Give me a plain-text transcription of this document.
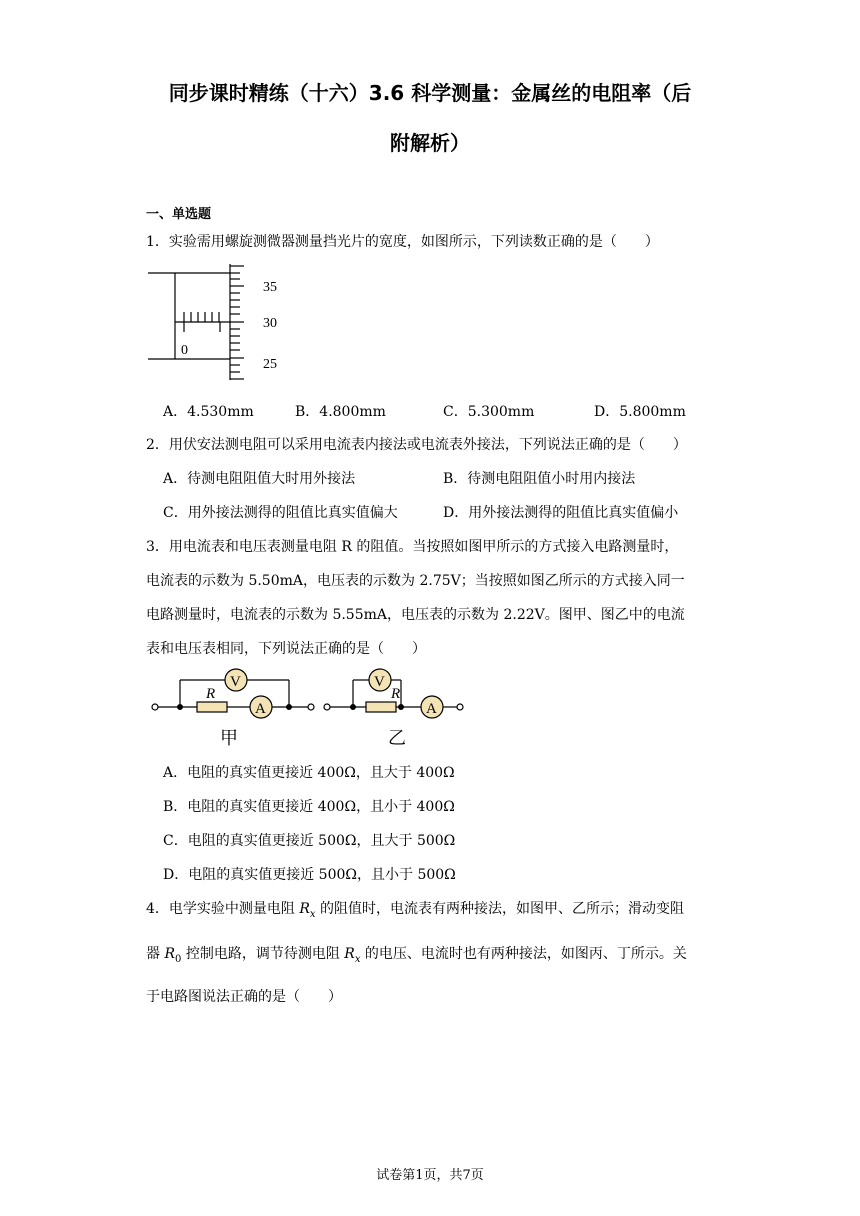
同步课时精练（十六）3.6 科学测量：金属丝的电阻率（后
附解析）
一、单选题
1．实验需用螺旋测微器测量挡光片的宽度，如图所示，下列读数正确的是（　　）
0
35
30
25
A．4.530mm	B．4.800mm	C．5.300mm	D．5.800mm
2．用伏安法测电阻可以采用电流表内接法或电流表外接法，下列说法正确的是（　　）
A．待测电阻阻值大时用外接法	B．待测电阻阻值小时用内接法
C．用外接法测得的阻值比真实值偏大	D．用外接法测得的阻值比真实值偏小
3．用电流表和电压表测量电阻 R 的阻值。当按照如图甲所示的方式接入电路测量时，
电流表的示数为 5.50mA，电压表的示数为 2.75V；当按照如图乙所示的方式接入同一
电路测量时，电流表的示数为 5.55mA，电压表的示数为 2.22V。图甲、图乙中的电流
表和电压表相同，下列说法正确的是（　　）
V
A
R
V
A
R
甲	乙
A．电阻的真实值更接近 400Ω，且大于 400Ω
B．电阻的真实值更接近 400Ω，且小于 400Ω
C．电阻的真实值更接近 500Ω，且大于 500Ω
D．电阻的真实值更接近 500Ω，且小于 500Ω
4．电学实验中测量电阻 $R_x$ 的阻值时，电流表有两种接法，如图甲、乙所示；滑动变阻
器 $R_0$ 控制电路，调节待测电阻 $R_x$ 的电压、电流时也有两种接法，如图丙、丁所示。关
于电路图说法正确的是（　　）
试卷第1页，共7页
